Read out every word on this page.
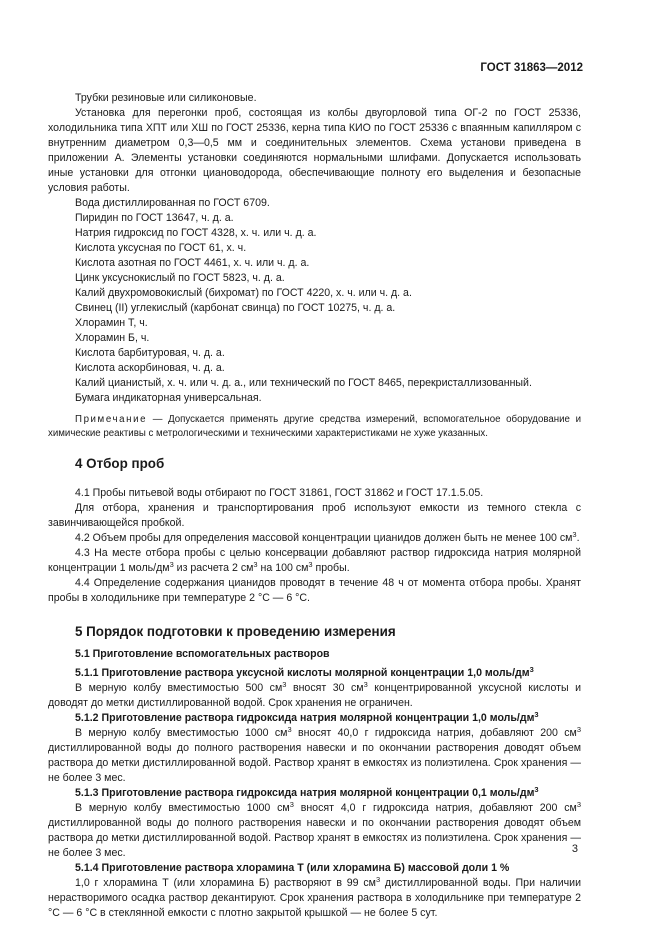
ГОСТ 31863—2012

Трубки резиновые или силиконовые.

Установка для перегонки проб, состоящая из колбы двугорловой типа ОГ-2 по ГОСТ 25336, холодильника типа ХПТ или ХШ по ГОСТ 25336, керна типа КИО по ГОСТ 25336 с впаянным капилляром с внутренним диаметром 0,3—0,5 мм и соединительных элементов. Схема установи приведена в приложении А. Элементы установки соединяются нормальными шлифами. Допускается использовать иные установки для отгонки циановодорода, обеспечивающие полноту его выделения и безопасные условия работы.

Вода дистиллированная по ГОСТ 6709.

Пиридин по ГОСТ 13647, ч. д. а.

Натрия гидроксид по ГОСТ 4328, х. ч. или ч. д. а.

Кислота уксусная по ГОСТ 61, х. ч.

Кислота азотная по ГОСТ 4461, х. ч. или ч. д. а.

Цинк уксуснокислый по ГОСТ 5823, ч. д. а.

Калий двухромовокислый (бихромат) по ГОСТ 4220, х. ч. или ч. д. а.

Свинец (II) углекислый (карбонат свинца) по ГОСТ 10275, ч. д. а.

Хлорамин Т, ч.

Хлорамин Б, ч.

Кислота барбитуровая, ч. д. а.

Кислота аскорбиновая, ч. д. а.

Калий цианистый, х. ч. или ч. д. а., или технический по ГОСТ 8465, перекристаллизованный.

Бумага индикаторная универсальная.

Примечание — Допускается применять другие средства измерений, вспомогательное оборудование и химические реактивы с метрологическими и техническими характеристиками не хуже указанных.

4 Отбор проб

4.1 Пробы питьевой воды отбирают по ГОСТ 31861, ГОСТ 31862 и ГОСТ 17.1.5.05.

Для отбора, хранения и транспортирования проб используют емкости из темного стекла с завинчивающейся пробкой.

4.2 Объем пробы для определения массовой концентрации цианидов должен быть не менее 100 $см^3$.

4.3 На месте отбора пробы с целью консервации добавляют раствор гидроксида натрия молярной концентрации 1 моль/$дм^3$ из расчета 2 $см^3$ на 100 $см^3$ пробы.

4.4 Определение содержания цианидов проводят в течение 48 ч от момента отбора пробы. Хранят пробы в холодильнике при температуре 2 °С — 6 °С.

5 Порядок подготовки к проведению измерения

5.1 Приготовление вспомогательных растворов

5.1.1 Приготовление раствора уксусной кислоты молярной концентрации 1,0 моль/$дм^3$

В мерную колбу вместимостью 500 $см^3$ вносят 30 $см^3$ концентрированной уксусной кислоты и доводят до метки дистиллированной водой. Срок хранения не ограничен.

5.1.2 Приготовление раствора гидроксида натрия молярной концентрации 1,0 моль/$дм^3$

В мерную колбу вместимостью 1000 $см^3$ вносят 40,0 г гидроксида натрия, добавляют 200 $см^3$ дистиллированной воды до полного растворения навески и по окончании растворения доводят объем раствора до метки дистиллированной водой. Раствор хранят в емкостях из полиэтилена. Срок хранения — не более 3 мес.

5.1.3 Приготовление раствора гидроксида натрия молярной концентрации 0,1 моль/$дм^3$

В мерную колбу вместимостью 1000 $см^3$ вносят 4,0 г гидроксида натрия, добавляют 200 $см^3$ дистиллированной воды до полного растворения навески и по окончании растворения доводят объем раствора до метки дистиллированной водой. Раствор хранят в емкостях из полиэтилена. Срок хранения — не более 3 мес.

5.1.4 Приготовление раствора хлорамина Т (или хлорамина Б) массовой доли 1 %

1,0 г хлорамина Т (или хлорамина Б) растворяют в 99 $см^3$ дистиллированной воды. При наличии нерастворимого осадка раствор декантируют. Срок хранения раствора в холодильнике при температуре 2 °С — 6 °С в стеклянной емкости с плотно закрытой крышкой — не более 5 сут.

3
